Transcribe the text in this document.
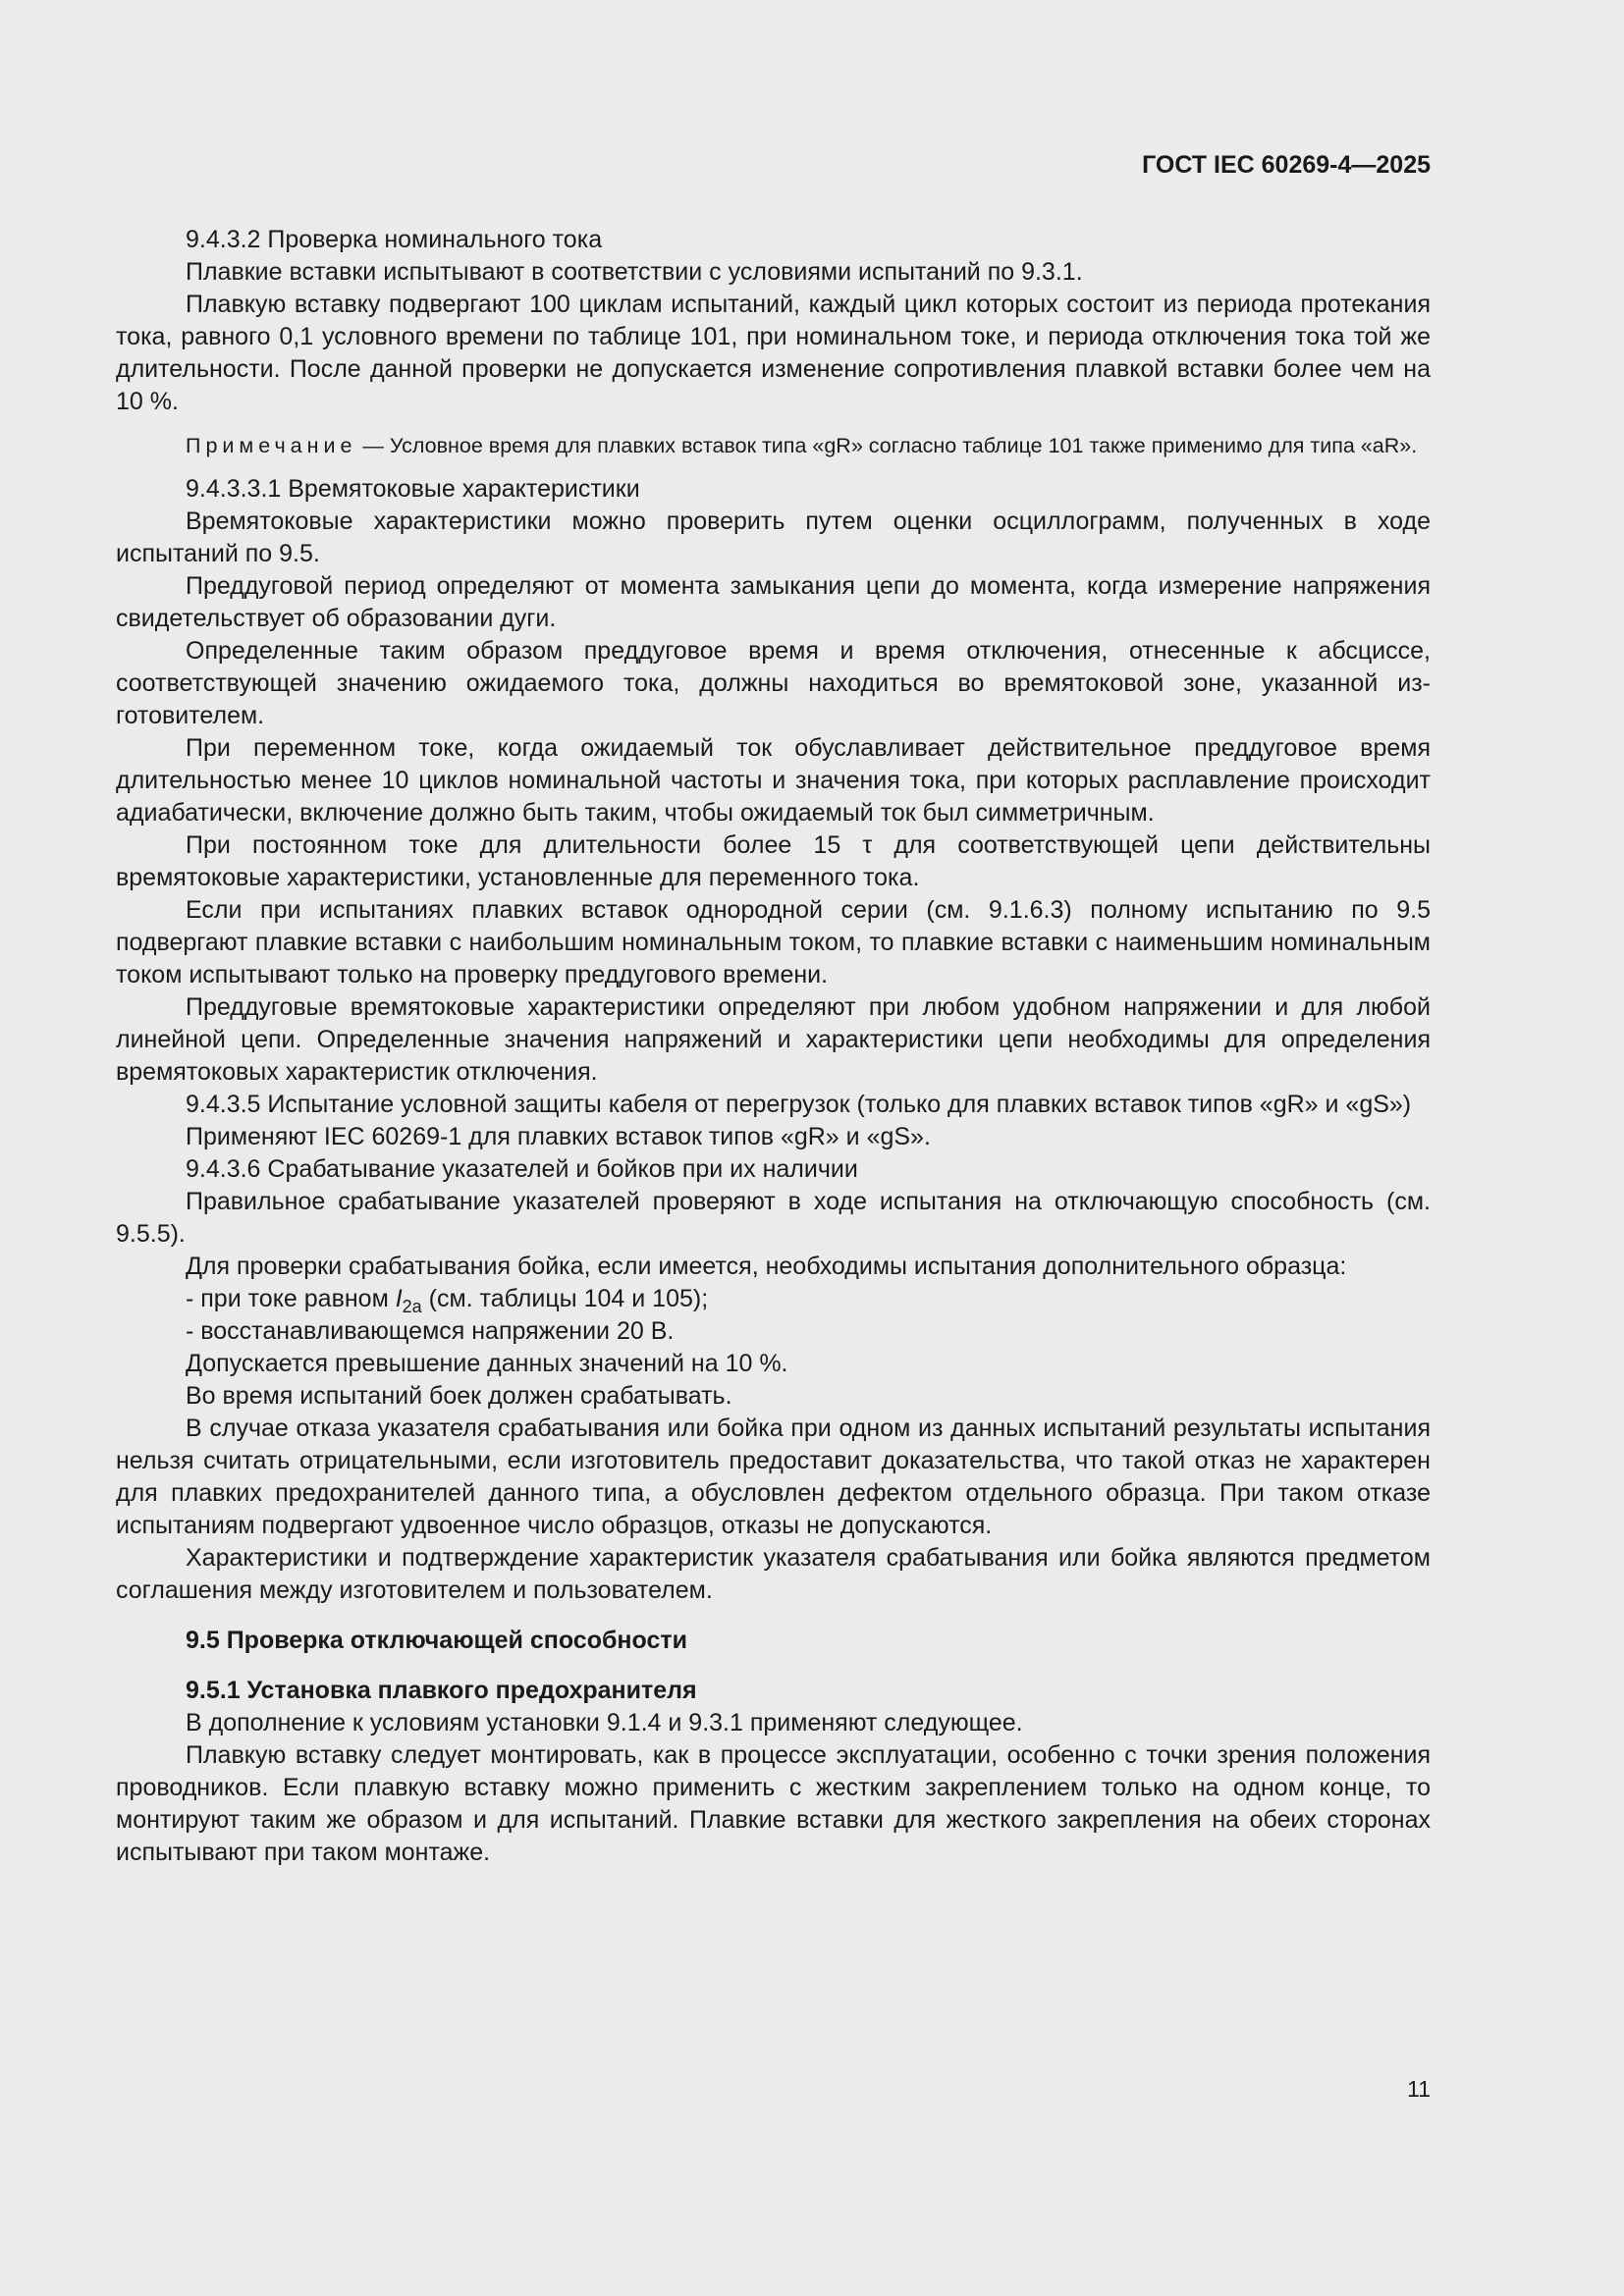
ГОСТ IEC 60269-4—2025

9.4.3.2 Проверка номинального тока

Плавкие вставки испытывают в соответствии с условиями испытаний по 9.3.1.

Плавкую вставку подвергают 100 циклам испытаний, каждый цикл которых состоит из периода протекания тока, равного 0,1 условного времени по таблице 101, при номинальном токе, и периода отключения тока той же длительности. После данной проверки не допускается изменение сопротивления плавкой вставки более чем на 10 %.

Примечание — Условное время для плавких вставок типа «gR» согласно таблице 101 также применимо для типа «aR».

9.4.3.3.1 Времятоковые характеристики

Времятоковые характеристики можно проверить путем оценки осциллограмм, полученных в ходе испытаний по 9.5.

Преддуговой период определяют от момента замыкания цепи до момента, когда измерение напряжения свидетельствует об образовании дуги.

Определенные таким образом преддуговое время и время отключения, отнесенные к абсциссе, соответствующей значению ожидаемого тока, должны находиться во времятоковой зоне, указанной изготовителем.

При переменном токе, когда ожидаемый ток обуславливает действительное преддуговое время длительностью менее 10 циклов номинальной частоты и значения тока, при которых расплавление происходит адиабатически, включение должно быть таким, чтобы ожидаемый ток был симметричным.

При постоянном токе для длительности более 15 τ для соответствующей цепи действительны времятоковые характеристики, установленные для переменного тока.

Если при испытаниях плавких вставок однородной серии (см. 9.1.6.3) полному испытанию по 9.5 подвергают плавкие вставки с наибольшим номинальным током, то плавкие вставки с наименьшим номинальным током испытывают только на проверку преддугового времени.

Преддуговые времятоковые характеристики определяют при любом удобном напряжении и для любой линейной цепи. Определенные значения напряжений и характеристики цепи необходимы для определения времятоковых характеристик отключения.

9.4.3.5 Испытание условной защиты кабеля от перегрузок (только для плавких вставок типов «gR» и «gS»)

Применяют IEC 60269-1 для плавких вставок типов «gR» и «gS».

9.4.3.6 Срабатывание указателей и бойков при их наличии

Правильное срабатывание указателей проверяют в ходе испытания на отключающую способность (см. 9.5.5).

Для проверки срабатывания бойка, если имеется, необходимы испытания дополнительного образца:

- при токе равном $I_{2a}$ (см. таблицы 104 и 105);

- восстанавливающемся напряжении 20 В.

Допускается превышение данных значений на 10 %.

Во время испытаний боек должен срабатывать.

В случае отказа указателя срабатывания или бойка при одном из данных испытаний результаты испытания нельзя считать отрицательными, если изготовитель предоставит доказательства, что такой отказ не характерен для плавких предохранителей данного типа, а обусловлен дефектом отдельного образца. При таком отказе испытаниям подвергают удвоенное число образцов, отказы не допускаются.

Характеристики и подтверждение характеристик указателя срабатывания или бойка являются предметом соглашения между изготовителем и пользователем.

9.5 Проверка отключающей способности

9.5.1 Установка плавкого предохранителя

В дополнение к условиям установки 9.1.4 и 9.3.1 применяют следующее.

Плавкую вставку следует монтировать, как в процессе эксплуатации, особенно с точки зрения положения проводников. Если плавкую вставку можно применить с жестким закреплением только на одном конце, то монтируют таким же образом и для испытаний. Плавкие вставки для жесткого закрепления на обеих сторонах испытывают при таком монтаже.

11
